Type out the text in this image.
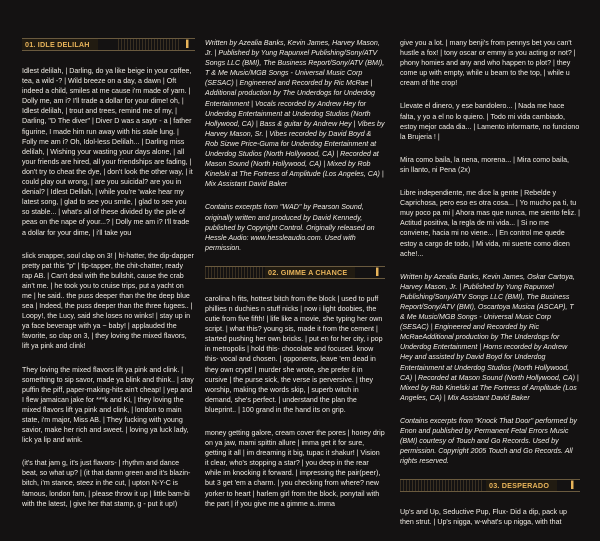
01. IDLE DELILAH	▌

Idlest delilah, | Darling, do ya like beige in your coffee, tea, a wild -? | Wild breeze on a day, a dawn | Oft indeed a child, smiles at me cause i'm made of yarn. | Dolly me, am i? I'll trade a dollar for your dime! oh, | Idlest delilah, | trout and trees, remind me of my, | Darling, "D The diver" | Diver D was a saytr - a | father figurine, I made him run away with his stale lung. | Folly me am i? Oh, Idol-less Delilah... | Darling miss delilah, | Wishing your wasting your days alone, | all your friends are hired, all your friendships are fading, | don't try to cheat the dye, | don't look the other way, | it could play out wrong, | are you suicidal? are you in denial? | Idlest Delilah, | while you're 'wake hear my latest song, | glad to see you smile, | glad to see you so stable... | what's all of these divided by the pile of peas on the nape of your...? | Dolly me am i? I'll trade a dollar for your dime, | i'll take you

slick snapper, soul clap on 3! | hi-hatter, the dip-dapper pretty pat this "p" | tip-tapper, the chit-chatter, ready rap AB. | Can't deal with the bullshit, cause the crab ain't me. | he took you to cruise trips, put a yacht on me | he said.. the puss deeper than the the deep blue sea | Indeed, the puss deeper than the three fugees.. | Loopy!, the Lucy, said she loses no winks! | stay up in ya face beverage with ya ~ baby! | applauded the favorite, so clap on 3, | they loving the mixed flavors, lift ya pink and clink!

They loving the mixed flavors lift ya pink and clink. | something to sip savor, made ya blink and think.. | stay puffin the piff, paper-making-hits ain't cheap! | yep and I flew jamaican jake for ***k and Ki, | they loving the mixed flavors lift ya pink and clink, | london to main state, i'm major, Miss AB. | They fucking with young savior, make her rich and sweet. | loving ya luck lady, lick ya lip and wink.

(it's that jam g, it's just flavors- | rhythm and dance beat, so what up? | (it that damn green and it's blazin-bitch, i'm stance, steez in the cut, | upton N-Y-C is famous, london fam, | please throw it up | little bam-bi with the latest, | give her that stamp, g - put it up!)

Written by Azealia Banks, Kevin James, Harvey Mason, Jr. | Published by Yung Rapunxel Publishing/Sony/ATV Songs LLC (BMI), The Business Report/Sony/ATV (BMI), T & Me Music/MGB Songs - Universal Music Corp (SESAC) | Engineered and Recorded by Ric McRae | Additional production by The Underdogs for Underdog Entertainment | Vocals recorded by Andrew Hey for Underdog Entertainment at Underdog Studios (North Hollywood, CA) | Bass & guitar by Andrew Hey | Vibes by Harvey Mason, Sr. | Vibes recorded by David Boyd & Rob Sizwe Price-Guma for Underdog Entertainment at Underdog Studios (North Hollywood, CA) | Recorded at Mason Sound (North Hollywood, CA) | Mixed by Rob Kinelski at The Fortress of Amplitude (Los Angeles, CA) | Mix Assistant David Baker

Contains excerpts from "WAD" by Pearson Sound, originally written and produced by David Kennedy, published by Copyright Control. Originally released on Hessle Audio: www.hessleaudio.com. Used with permission.

02. GIMME A CHANCE	▌

carolina h fits, hottest bitch from the block | used to puff phillies n duchies n stuff nicks | now i light doobies, the cutie from five fifth! | life like a movie, she typing her own script. | what this? young sis, made it from the cement | started pushing her own bricks. | put en for her city, i pop in metropolis | hold this- chocolate and focused. know this- vocal and chosen. | opponents, leave 'em dead in they own crypt! | murder she wrote, she prefer it in cursive | the purse sick, the verse is perversive. | they worship, making the words skip, | superb witch in demand, she's perfect. | understand the plan the blueprint.. | 100 grand in the hand its on grip.

money getting galore, cream cover the pores | honey drip on ya jaw, mami spittin allure | imma get it for sure, getting it all | im dreaming it big, tupac it shakur! | Vision it clear, who's stopping a star? | you deep in the rear while im knocking it forward. | impressing the pair(peer), but 3 get 'em a charm. | you checking from where? new yorker to heart | harlem girl from the block, ponytail with the part | if you give me a gimme a..imma

give you a lot. | many benji's from pennys bet you can't hustle a fox! | tony oscar or emmy is you acting or not? | phony homies and any and who happen to plot? | they come up with empty, while u beam to the top, | while u cream of the crop!

Llevate el dinero, y ese bandolero... | Nada me hace falta, y yo a el no lo quiero. | Todo mi vida cambiado, estoy mejor cada dia... | Lamento informarte, no funciono la Brujeria ! |

Mira como baila, la nena, morena... | Mira como baila, sin llanto, ni Pena (2x)

Libre independiente, me dice la gente | Rebelde y Caprichosa, pero eso es otra cosa... | Yo mucho pa ti, tu muy poco pa mi | Ahora mas que nunca, me siento feliz. | Actitud positiva, la regla de mi vida... | Si no me conviene, hacia mi no viene... | En control me quede estoy a cargo de todo, | Mi vida, mi suerte como dicen ache!...

Written by Azealia Banks, Kevin James, Oskar Cartoya, Harvey Mason, Jr. | Published by Yung Rapunxel Publishing/Sony/ATV Songs LLC (BMI), The Business Report/Sony/ATV (BMI), Oscartoya Musica (ASCAP), T & Me Music/MGB Songs - Universal Music Corp (SESAC) | Engineered and Recorded by Ric McRaeAdditional production by The Underdogs for Underdog Entertainment | Horns recorded by Andrew Hey and assisted by David Boyd for Underdog Entertainment at Underdog Studios (North Hollywood, CA) | Recorded at Mason Sound (North Hollywood, CA) | Mixed by Rob Kinelski at The Fortress of Amplitude (Los Angeles, CA) | Mix Assistant David Baker

Contains excerpts from "Knock That Door" performed by Enon and published by Permanent Fetal Errors Music (BMI) courtesy of Touch and Go Records. Used by permission. Copyright 2005 Touch and Go Records. All rights reserved.

03. DESPERADO	▌

Up's and Up, Seductive Pup, Flux- Did a dip, pack up then strut. | Up's nigga, w-what's up nigga, with that
